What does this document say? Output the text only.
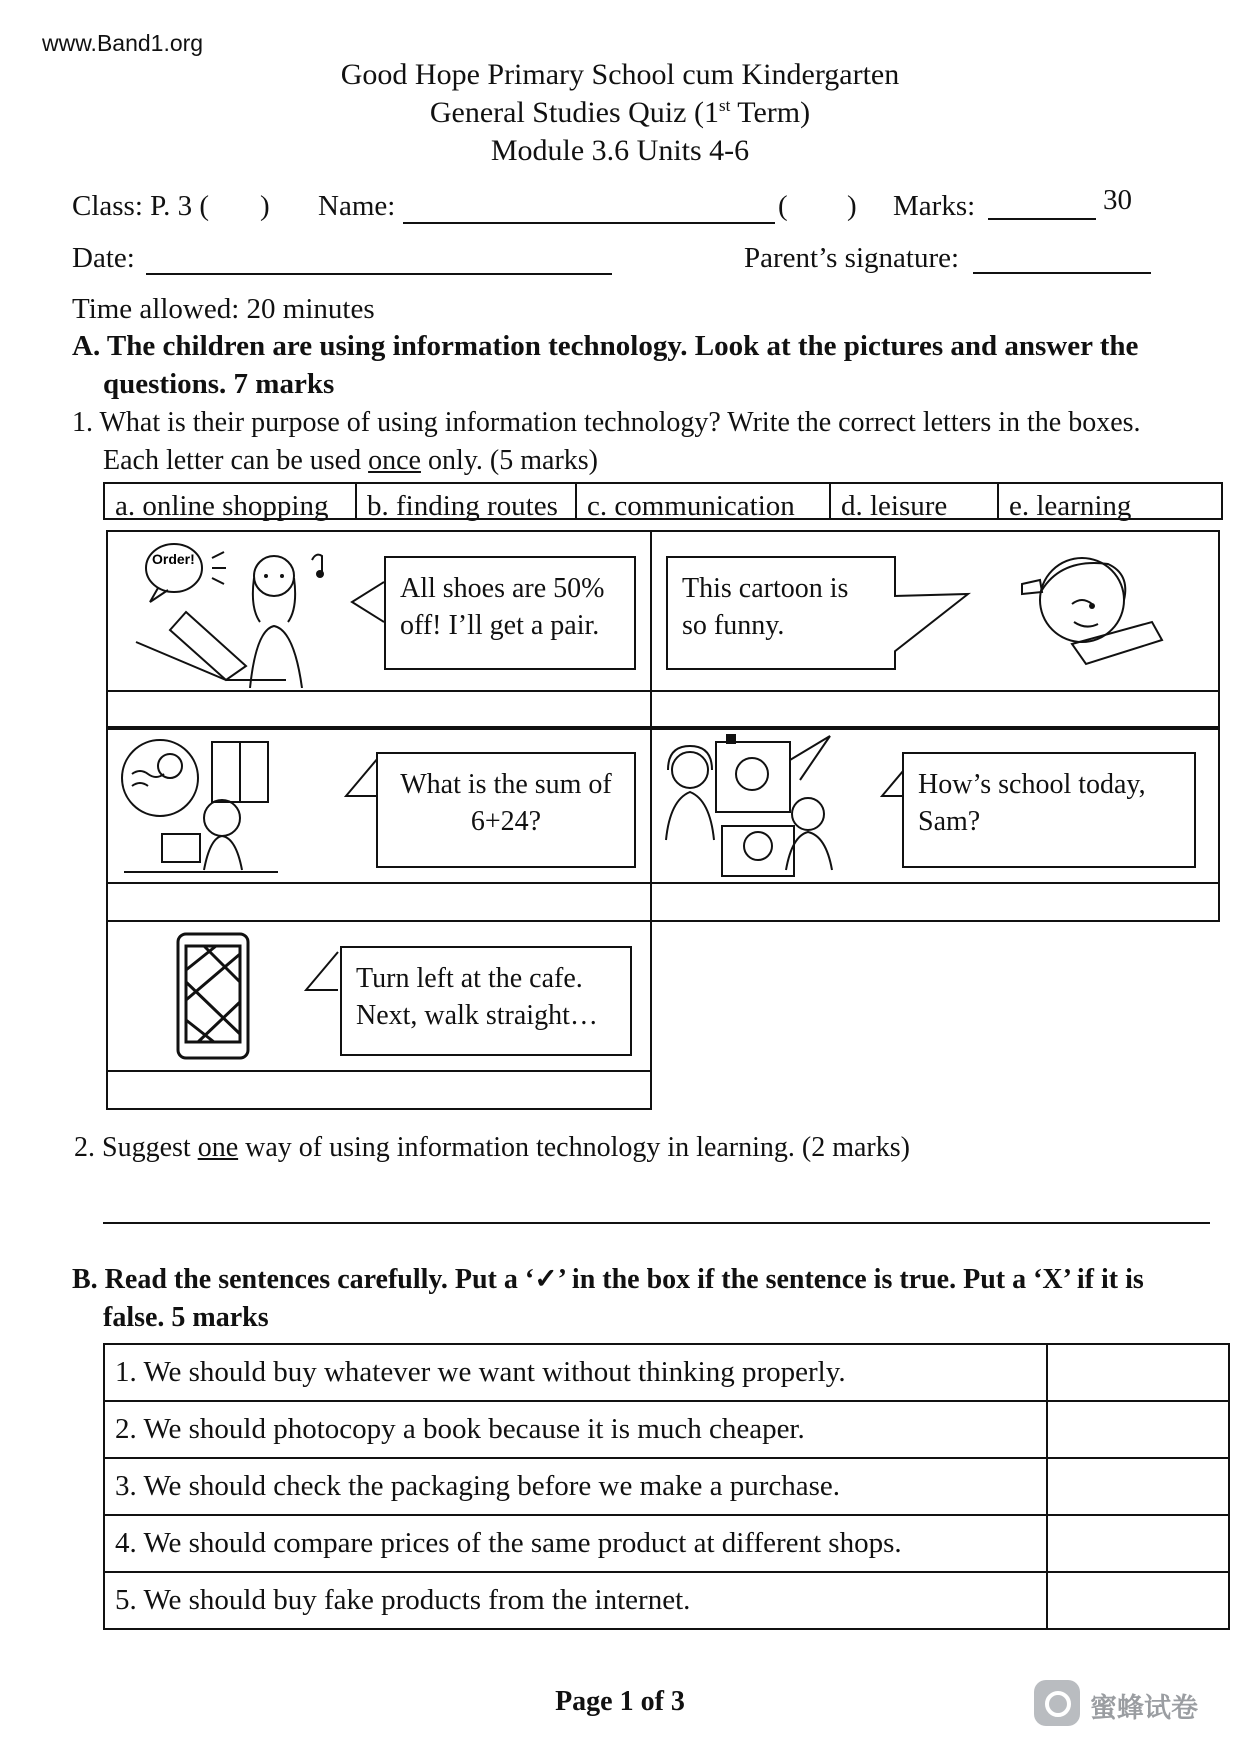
www.Band1.org
Good Hope Primary School cum Kindergarten
General Studies Quiz (1st Term)
Module 3.6 Units 4-6
Class: P. 3 ( ) Name:	( ) Marks:	30
Date:	Parent’s signature:
Time allowed: 20 minutes
A. The children are using information technology. Look at the pictures and answer the
questions. 7 marks
1. What is their purpose of using information technology? Write the correct letters in the boxes.
Each letter can be used once only. (5 marks)
a. online shopping	b. finding routes	c. communication	d. leisure	e. learning
Order!
All shoes are 50%
off! I’ll get a pair.
This cartoon is
so funny.
What is the sum of
6+24?
How’s school today,
Sam?
Turn left at the cafe.
Next, walk straight…
2. Suggest one way of using information technology in learning. (2 marks)
B. Read the sentences carefully. Put a ‘✓’ in the box if the sentence is true. Put a ‘X’ if it is
false. 5 marks
1. We should buy whatever we want without thinking properly.	
2. We should photocopy a book because it is much cheaper.	
3. We should check the packaging before we make a purchase.	
4. We should compare prices of the same product at different shops.	
5. We should buy fake products from the internet.	
Page 1 of 3	蜜蜂试卷
